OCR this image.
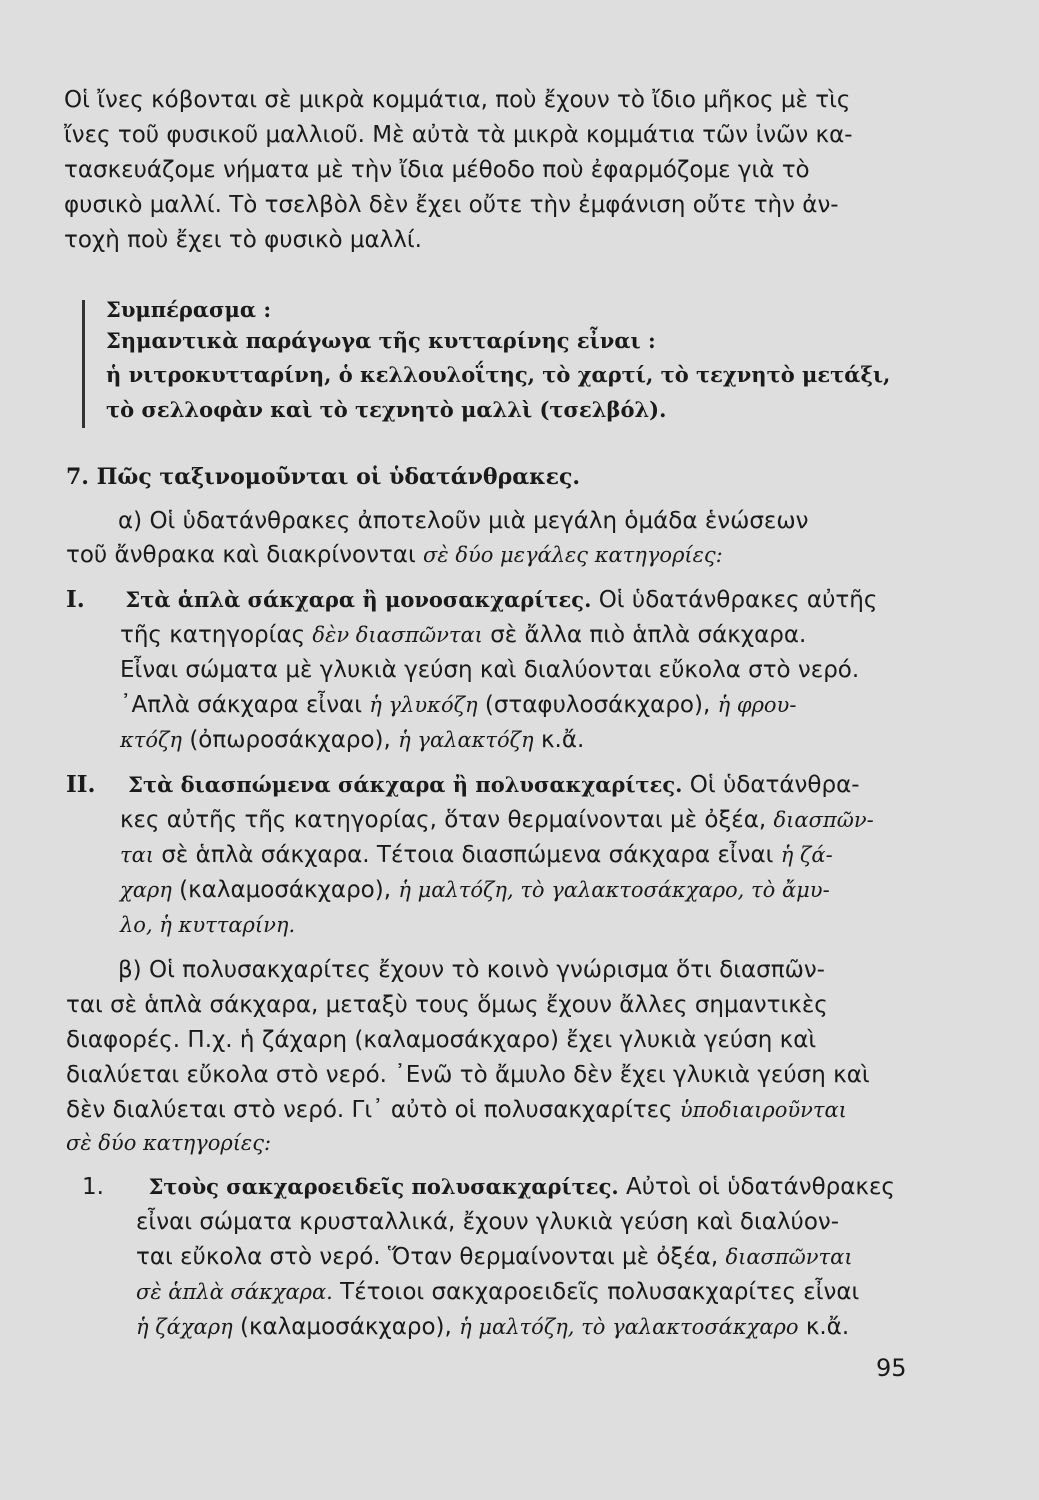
Οἱ ἴνες κόβονται σὲ μικρὰ κομμάτια, ποὺ ἔχουν τὸ ἴδιο μῆκος μὲ τὶς
ἴνες τοῦ φυσικοῦ μαλλιοῦ. Μὲ αὐτὰ τὰ μικρὰ κομμάτια τῶν ἰνῶν κα-
τασκευάζομε νήματα μὲ τὴν ἴδια μέθοδο ποὺ ἐφαρμόζομε γιὰ τὸ
φυσικὸ μαλλί. Τὸ τσελβὸλ δὲν ἔχει οὔτε τὴν ἐμφάνιση οὔτε τὴν ἀν-
τοχὴ ποὺ ἔχει τὸ φυσικὸ μαλλί.
Συμπέρασμα :
Σημαντικὰ παράγωγα τῆς κυτταρίνης εἶναι :
ἡ νιτροκυτταρίνη, ὁ κελλουλοΐτης, τὸ χαρτί, τὸ τεχνητὸ μετάξι,
τὸ σελλοφὰν καὶ τὸ τεχνητὸ μαλλὶ (τσελβόλ).
7. Πῶς ταξινομοῦνται οἱ ὑδατάνθρακες.
α) Οἱ ὑδατάνθρακες ἀποτελοῦν μιὰ μεγάλη ὁμάδα ἑνώσεων
τοῦ ἄνθρακα καὶ διακρίνονται σὲ δύο μεγάλες κατηγορίες:
Ι. Στὰ ἁπλὰ σάκχαρα ἢ μονοσακχαρίτες. Οἱ ὑδατάνθρακες αὐτῆς
τῆς κατηγορίας δὲν διασπῶνται σὲ ἄλλα πιὸ ἁπλὰ σάκχαρα.
Εἶναι σώματα μὲ γλυκιὰ γεύση καὶ διαλύονται εὔκολα στὸ νερό.
᾿Απλὰ σάκχαρα εἶναι ἡ γλυκόζη (σταφυλοσάκχαρο), ἡ φρου-
κτόζη (ὀπωροσάκχαρο), ἡ γαλακτόζη κ.ἄ.
ΙΙ. Στὰ διασπώμενα σάκχαρα ἢ πολυσακχαρίτες. Οἱ ὑδατάνθρα-
κες αὐτῆς τῆς κατηγορίας, ὅταν θερμαίνονται μὲ ὀξέα, διασπῶν-
ται σὲ ἁπλὰ σάκχαρα. Τέτοια διασπώμενα σάκχαρα εἶναι ἡ ζά-
χαρη (καλαμοσάκχαρο), ἡ μαλτόζη, τὸ γαλακτοσάκχαρο, τὸ ἄμυ-
λο, ἡ κυτταρίνη.
β) Οἱ πολυσακχαρίτες ἔχουν τὸ κοινὸ γνώρισμα ὅτι διασπῶν-
ται σὲ ἁπλὰ σάκχαρα, μεταξὺ τους ὅμως ἔχουν ἄλλες σημαντικὲς
διαφορές. Π.χ. ἡ ζάχαρη (καλαμοσάκχαρο) ἔχει γλυκιὰ γεύση καὶ
διαλύεται εὔκολα στὸ νερό. ᾿Ενῶ τὸ ἄμυλο δὲν ἔχει γλυκιὰ γεύση καὶ
δὲν διαλύεται στὸ νερό. Γι᾿ αὐτὸ οἱ πολυσακχαρίτες ὑποδιαιροῦνται
σὲ δύο κατηγορίες:
1. Στοὺς σακχαροειδεῖς πολυσακχαρίτες. Αὐτοὶ οἱ ὑδατάνθρακες
εἶναι σώματα κρυσταλλικά, ἔχουν γλυκιὰ γεύση καὶ διαλύον-
ται εὔκολα στὸ νερό. Ὅταν θερμαίνονται μὲ ὀξέα, διασπῶνται
σὲ ἁπλὰ σάκχαρα. Τέτοιοι σακχαροειδεῖς πολυσακχαρίτες εἶναι
ἡ ζάχαρη (καλαμοσάκχαρο), ἡ μαλτόζη, τὸ γαλακτοσάκχαρο κ.ἄ.
95
